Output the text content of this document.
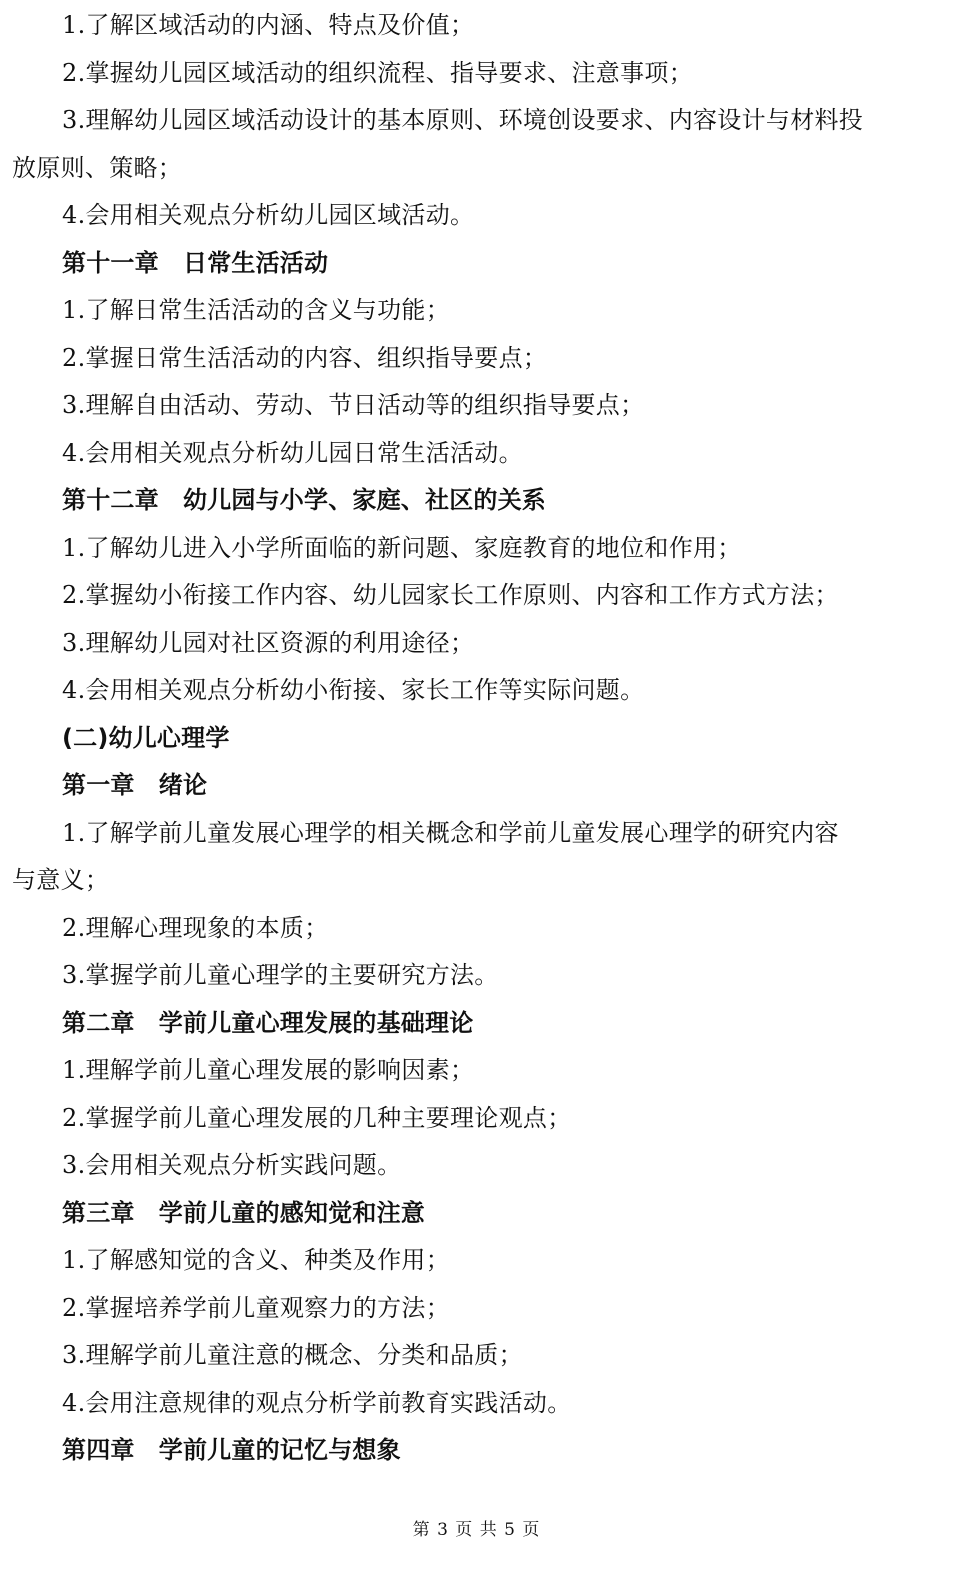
1.了解区域活动的内涵、特点及价值；
2.掌握幼儿园区域活动的组织流程、指导要求、注意事项；
3.理解幼儿园区域活动设计的基本原则、环境创设要求、内容设计与材料投
放原则、策略；
4.会用相关观点分析幼儿园区域活动。
第十一章　日常生活活动
1.了解日常生活活动的含义与功能；
2.掌握日常生活活动的内容、组织指导要点；
3.理解自由活动、劳动、节日活动等的组织指导要点；
4.会用相关观点分析幼儿园日常生活活动。
第十二章　幼儿园与小学、家庭、社区的关系
1.了解幼儿进入小学所面临的新问题、家庭教育的地位和作用；
2.掌握幼小衔接工作内容、幼儿园家长工作原则、内容和工作方式方法；
3.理解幼儿园对社区资源的利用途径；
4.会用相关观点分析幼小衔接、家长工作等实际问题。
(二)幼儿心理学
第一章　绪论
1.了解学前儿童发展心理学的相关概念和学前儿童发展心理学的研究内容
与意义；
2.理解心理现象的本质；
3.掌握学前儿童心理学的主要研究方法。
第二章　学前儿童心理发展的基础理论
1.理解学前儿童心理发展的影响因素；
2.掌握学前儿童心理发展的几种主要理论观点；
3.会用相关观点分析实践问题。
第三章　学前儿童的感知觉和注意
1.了解感知觉的含义、种类及作用；
2.掌握培养学前儿童观察力的方法；
3.理解学前儿童注意的概念、分类和品质；
4.会用注意规律的观点分析学前教育实践活动。
第四章　学前儿童的记忆与想象
第 3 页 共 5 页
